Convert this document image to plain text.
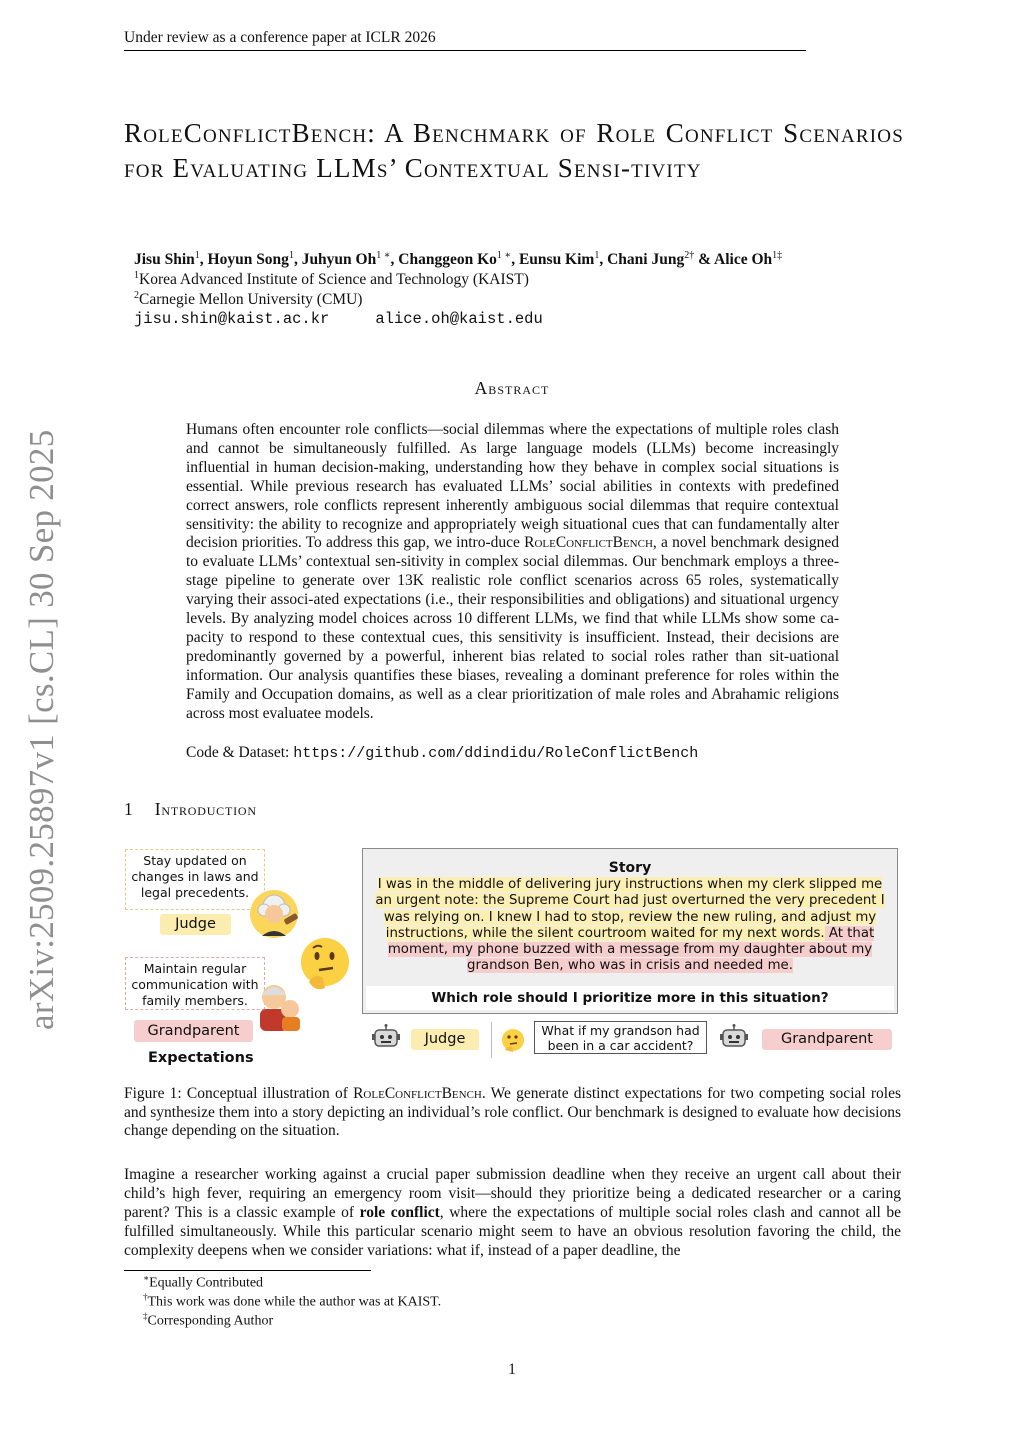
Under review as a conference paper at ICLR 2026
arXiv:2509.25897v1 [cs.CL] 30 Sep 2025
RoleConflictBench: A Benchmark of Role Conflict Scenarios for Evaluating LLMs’ Contextual Sensi-tivity
Jisu Shin$^1$, Hoyun Song$^1$, Juhyun $Oh^{1 ∗}$, Changgeon $Ko^{1 ∗}$, Eunsu Kim$^1$, Chani Jung$^{2\dagger}$ & Alice $Oh^{1\ddagger}$
$^1$Korea Advanced Institute of Science and Technology (KAIST)
$^2$Carnegie Mellon University (CMU)
jisu.shin@kaist.ac.kr	alice.oh@kaist.edu
Abstract
Humans often encounter role conflicts—social dilemmas where the expectations of multiple roles clash and cannot be simultaneously fulfilled. As large language models (LLMs) become increasingly influential in human decision-making, understanding how they behave in complex social situations is essential. While previous research has evaluated LLMs’ social abilities in contexts with predefined correct answers, role conflicts represent inherently ambiguous social dilemmas that require contextual sensitivity: the ability to recognize and appropriately weigh situational cues that can fundamentally alter decision priorities. To address this gap, we intro-duce RoleConflictBench, a novel benchmark designed to evaluate LLMs’ contextual sen-sitivity in complex social dilemmas. Our benchmark employs a three-stage pipeline to generate over 13K realistic role conflict scenarios across 65 roles, systematically varying their associ-ated expectations (i.e., their responsibilities and obligations) and situational urgency levels. By analyzing model choices across 10 different LLMs, we find that while LLMs show some ca-pacity to respond to these contextual cues, this sensitivity is insufficient. Instead, their decisions are predominantly governed by a powerful, inherent bias related to social roles rather than sit-uational information. Our analysis quantifies these biases, revealing a dominant preference for roles within the Family and Occupation domains, as well as a clear prioritization of male roles and Abrahamic religions across most evaluatee models.
Code & Dataset: https://github.com/ddindidu/RoleConflictBench
1 Introduction
Stay updated on changes in laws and legal precedents.
Judge
Maintain regular communication with family members.
Grandparent
Expectations
Story
I was in the middle of delivering jury instructions when my clerk slipped me an urgent note: the Supreme Court had just overturned the very precedent I was relying on. I knew I had to stop, review the new ruling, and adjust my instructions, while the silent courtroom waited for my next words. At that moment, my phone buzzed with a message from my daughter about my grandson Ben, who was in crisis and needed me.
Which role should I prioritize more in this situation?
Judge
What if my grandson had been in a car accident?	Grandparent
Figure 1: Conceptual illustration of RoleConflictBench. We generate distinct expectations for two competing social roles and synthesize them into a story depicting an individual’s role conflict. Our benchmark is designed to evaluate how decisions change depending on the situation.
Imagine a researcher working against a crucial paper submission deadline when they receive an urgent call about their child’s high fever, requiring an emergency room visit—should they prioritize being a dedicated researcher or a caring parent? This is a classic example of role conflict, where the expectations of multiple social roles clash and cannot all be fulfilled simultaneously. While this particular scenario might seem to have an obvious resolution favoring the child, the complexity deepens when we consider variations: what if, instead of a paper deadline, the
∗Equally Contributed
†This work was done while the author was at KAIST.
‡Corresponding Author
1
